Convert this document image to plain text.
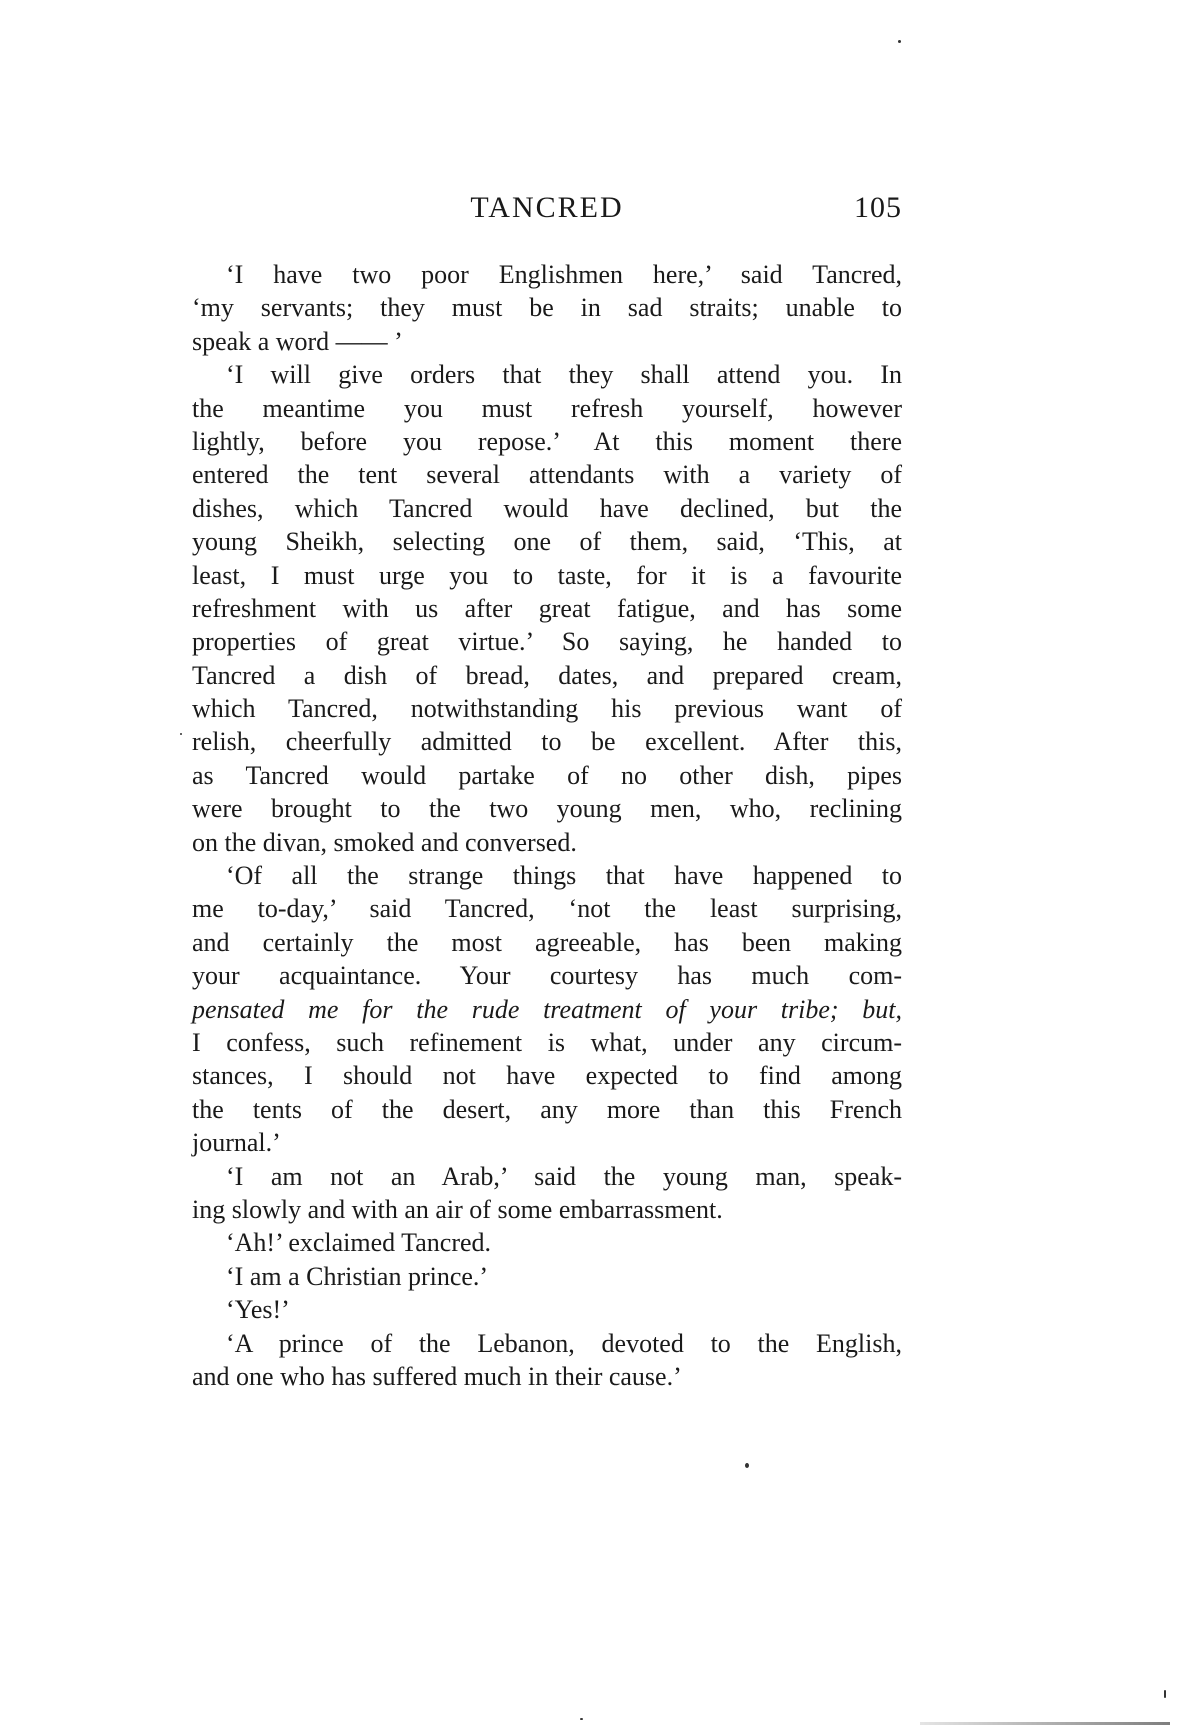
TANCRED	105

‘I have two poor Englishmen here,’ said Tancred,
‘my servants; they must be in sad straits; unable to
speak a word —— ’

‘I will give orders that they shall attend you. In
the meantime you must refresh yourself, however
lightly, before you repose.’ At this moment there
entered the tent several attendants with a variety of
dishes, which Tancred would have declined, but the
young Sheikh, selecting one of them, said, ‘This, at
least, I must urge you to taste, for it is a favourite
refreshment with us after great fatigue, and has some
properties of great virtue.’ So saying, he handed to
Tancred a dish of bread, dates, and prepared cream,
which Tancred, notwithstanding his previous want of
relish, cheerfully admitted to be excellent. After this,
as Tancred would partake of no other dish, pipes
were brought to the two young men, who, reclining
on the divan, smoked and conversed.

‘Of all the strange things that have happened to
me to-day,’ said Tancred, ‘not the least surprising,
and certainly the most agreeable, has been making
your acquaintance. Your courtesy has much com-
pensated me for the rude treatment of your tribe; but,
I confess, such refinement is what, under any circum-
stances, I should not have expected to find among
the tents of the desert, any more than this French
journal.’

‘I am not an Arab,’ said the young man, speak-
ing slowly and with an air of some embarrassment.

‘Ah!’ exclaimed Tancred.

‘I am a Christian prince.’

‘Yes!’

‘A prince of the Lebanon, devoted to the English,
and one who has suffered much in their cause.’
